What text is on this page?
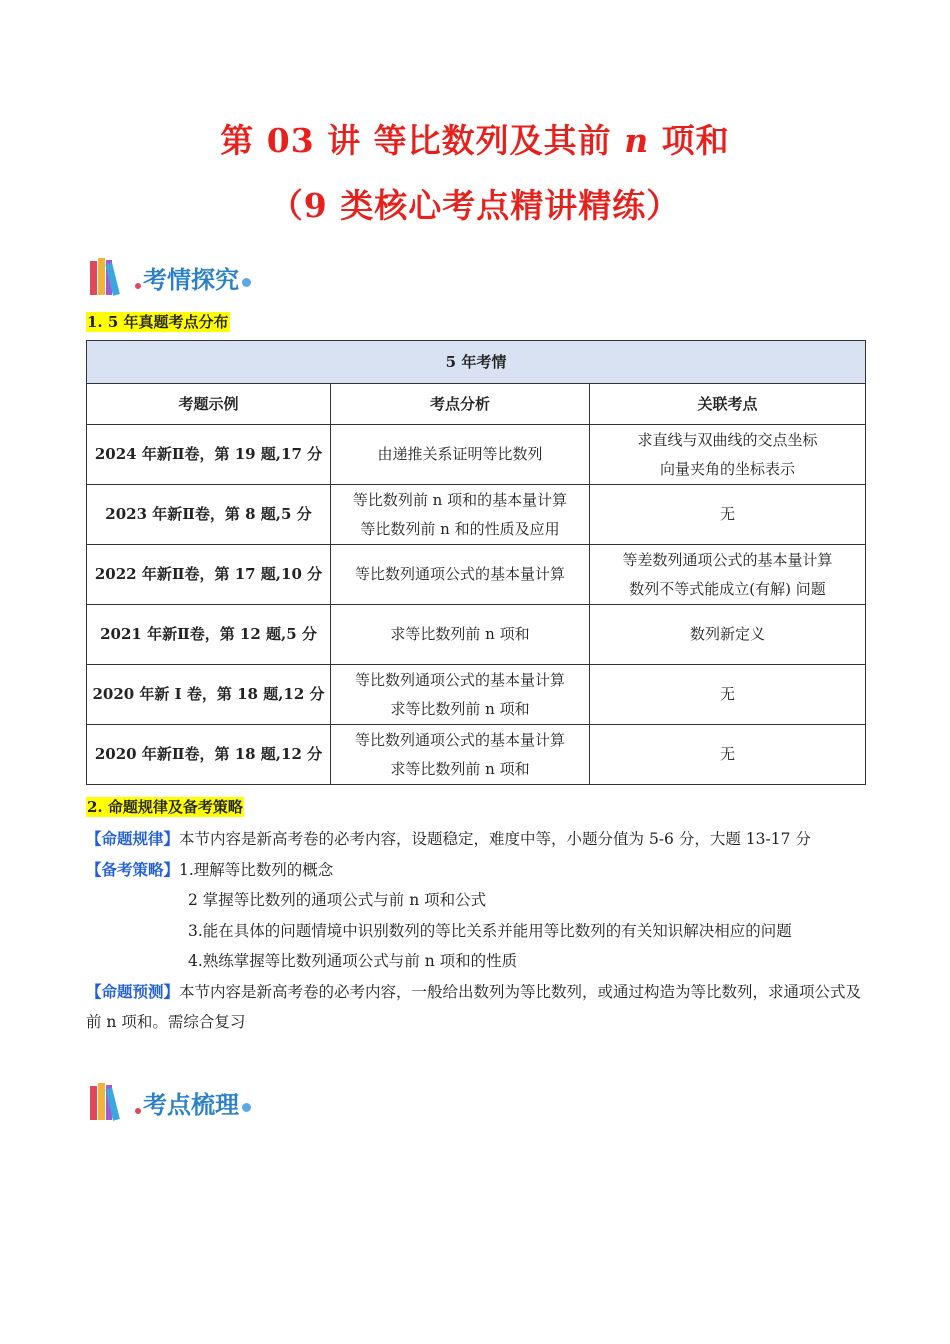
第 03 讲 等比数列及其前 n 项和
（9 类核心考点精讲精练）
考情探究
1. 5 年真题考点分布
5 年考情		
考题示例	考点分析	关联考点
2024 年新Ⅱ卷，第 19 题,17 分	由递推关系证明等比数列	求直线与双曲线的交点坐标
向量夹角的坐标表示

2023 年新Ⅱ卷，第 8 题,5 分	等比数列前 n 项和的基本量计算
等比数列前 n 和的性质及应用	无

2022 年新Ⅱ卷，第 17 题,10 分	等比数列通项公式的基本量计算	等差数列通项公式的基本量计算
数列不等式能成立(有解) 问题

2021 年新Ⅱ卷，第 12 题,5 分	求等比数列前 n 项和	数列新定义

2020 年新 I 卷，第 18 题,12 分	等比数列通项公式的基本量计算
求等比数列前 n 项和	无

2020 年新Ⅱ卷，第 18 题,12 分	等比数列通项公式的基本量计算
求等比数列前 n 项和	无
2. 命题规律及备考策略
【命题规律】本节内容是新高考卷的必考内容，设题稳定，难度中等，小题分值为 5-6 分，大题 13-17 分
【备考策略】1.理解等比数列的概念
2 掌握等比数列的通项公式与前 n 项和公式
3.能在具体的问题情境中识别数列的等比关系并能用等比数列的有关知识解决相应的问题
4.熟练掌握等比数列通项公式与前 n 项和的性质
【命题预测】本节内容是新高考卷的必考内容，一般给出数列为等比数列，或通过构造为等比数列，求通项公式及前 n 项和。需综合复习
考点梳理
